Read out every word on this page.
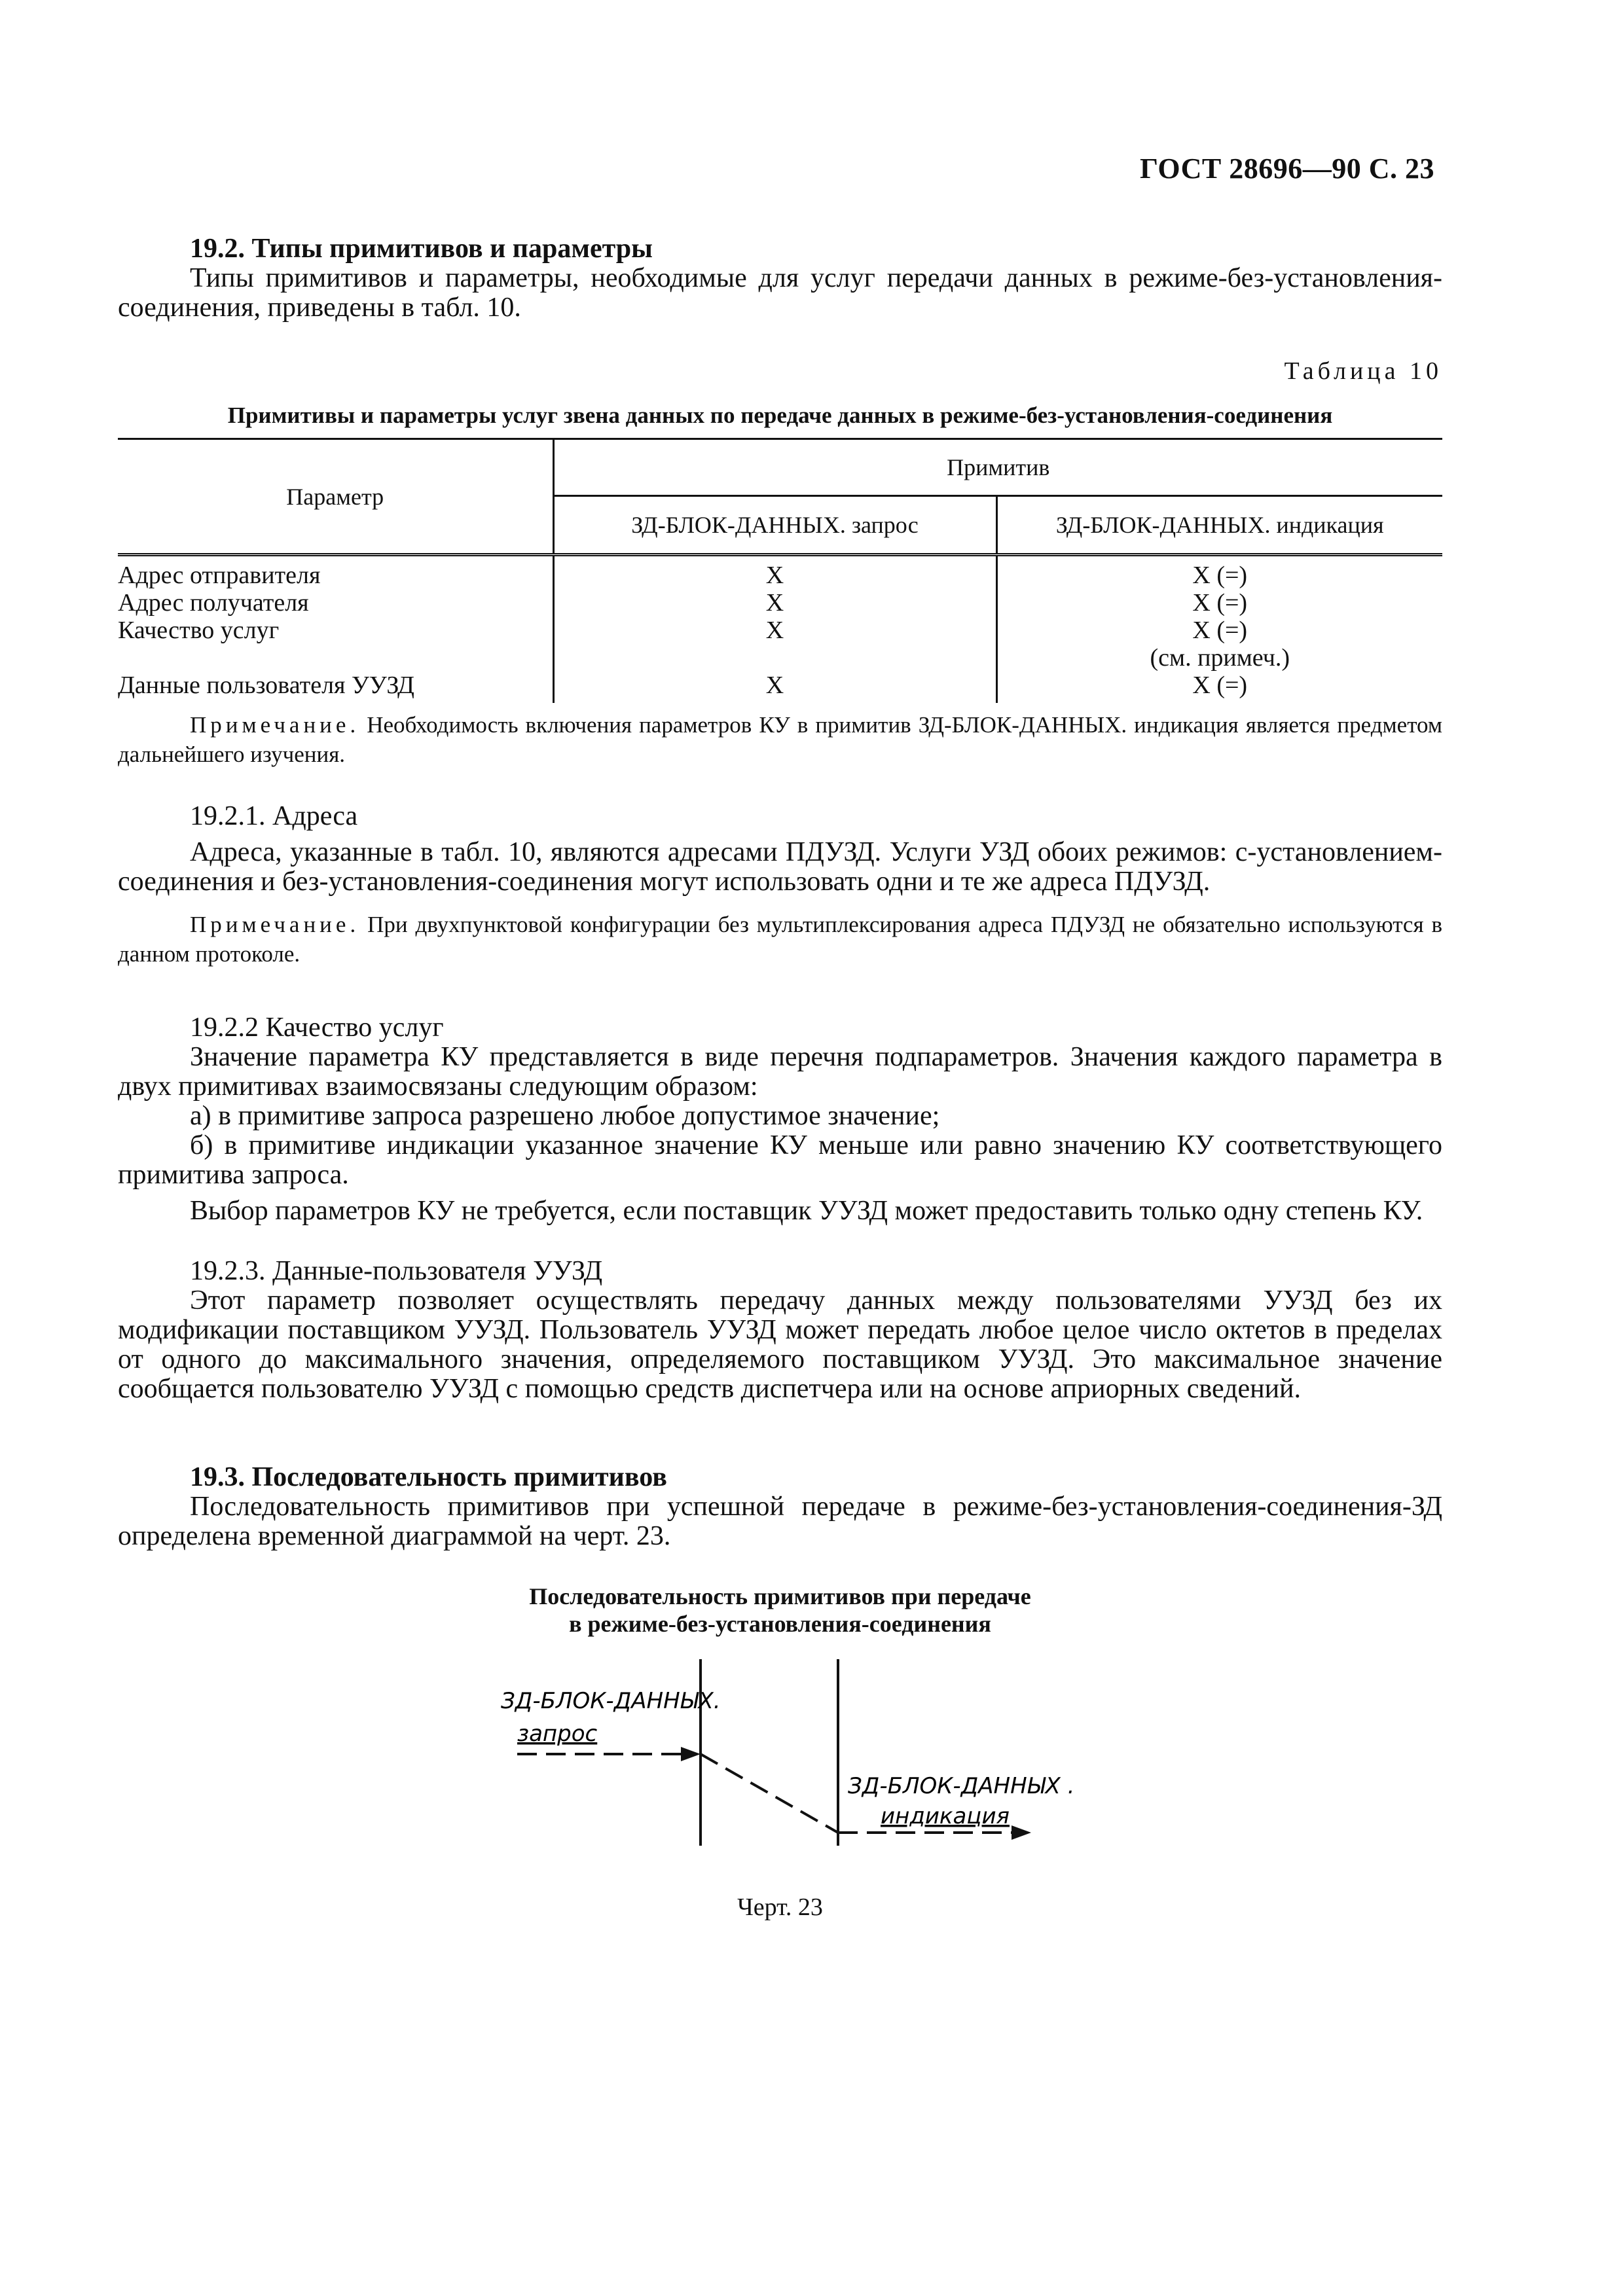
ГОСТ 28696—90 С. 23
19.2. Типы примитивов и параметры

Типы примитивов и параметры, необходимые для услуг передачи данных в режиме-без-установления-соединения, приведены в табл. 10.

Таблица 10
Примитивы и параметры услуг звена данных по передаче данных в режиме-без-установления-соединения
Параметр	Примитив	
	ЗД-БЛОК-ДАННЫХ. запрос	ЗД-БЛОК-ДАННЫХ. индикация
Адрес отправителя	X	X (=)
Адрес получателя	X	X (=)
Качество услуг	X	X (=)
(см. примеч.)

Данные пользователя УУЗД	X	X (=)

Примечание. Необходимость включения параметров КУ в примитив ЗД-БЛОК-ДАННЫХ. индикация является предметом дальнейшего изучения.

19.2.1. Адреса

Адреса, указанные в табл. 10, являются адресами ПДУЗД. Услуги УЗД обоих режимов: с-установлением-соединения и без-установления-соединения могут использовать одни и те же адреса ПДУЗД.

Примечание. При двухпунктовой конфигурации без мультиплексирования адреса ПДУЗД не обязательно используются в данном протоколе.

19.2.2 Качество услуг

Значение параметра КУ представляется в виде перечня подпараметров. Значения каждого параметра в двух примитивах взаимосвязаны следующим образом:

а) в примитиве запроса разрешено любое допустимое значение;

б) в примитиве индикации указанное значение КУ меньше или равно значению КУ соответствующего примитива запроса.

Выбор параметров КУ не требуется, если поставщик УУЗД может предоставить только одну степень КУ.

19.2.3. Данные-пользователя УУЗД

Этот параметр позволяет осуществлять передачу данных между пользователями УУЗД без их модификации поставщиком УУЗД. Пользователь УУЗД может передать любое целое число октетов в пределах от одного до максимального значения, определяемого поставщиком УУЗД. Это максимальное значение сообщается пользователю УУЗД с помощью средств диспетчера или на основе априорных сведений.

19.3. Последовательность примитивов

Последовательность примитивов при успешной передаче в режиме-без-установления-соединения-ЗД определена временной диаграммой на черт. 23.

Последовательность примитивов при передаче
в режиме-без-установления-соединения
ЗД-БЛОК-ДАННЫХ.
запрос
ЗД-БЛОК-ДАННЫХ .
индикация
Черт. 23
